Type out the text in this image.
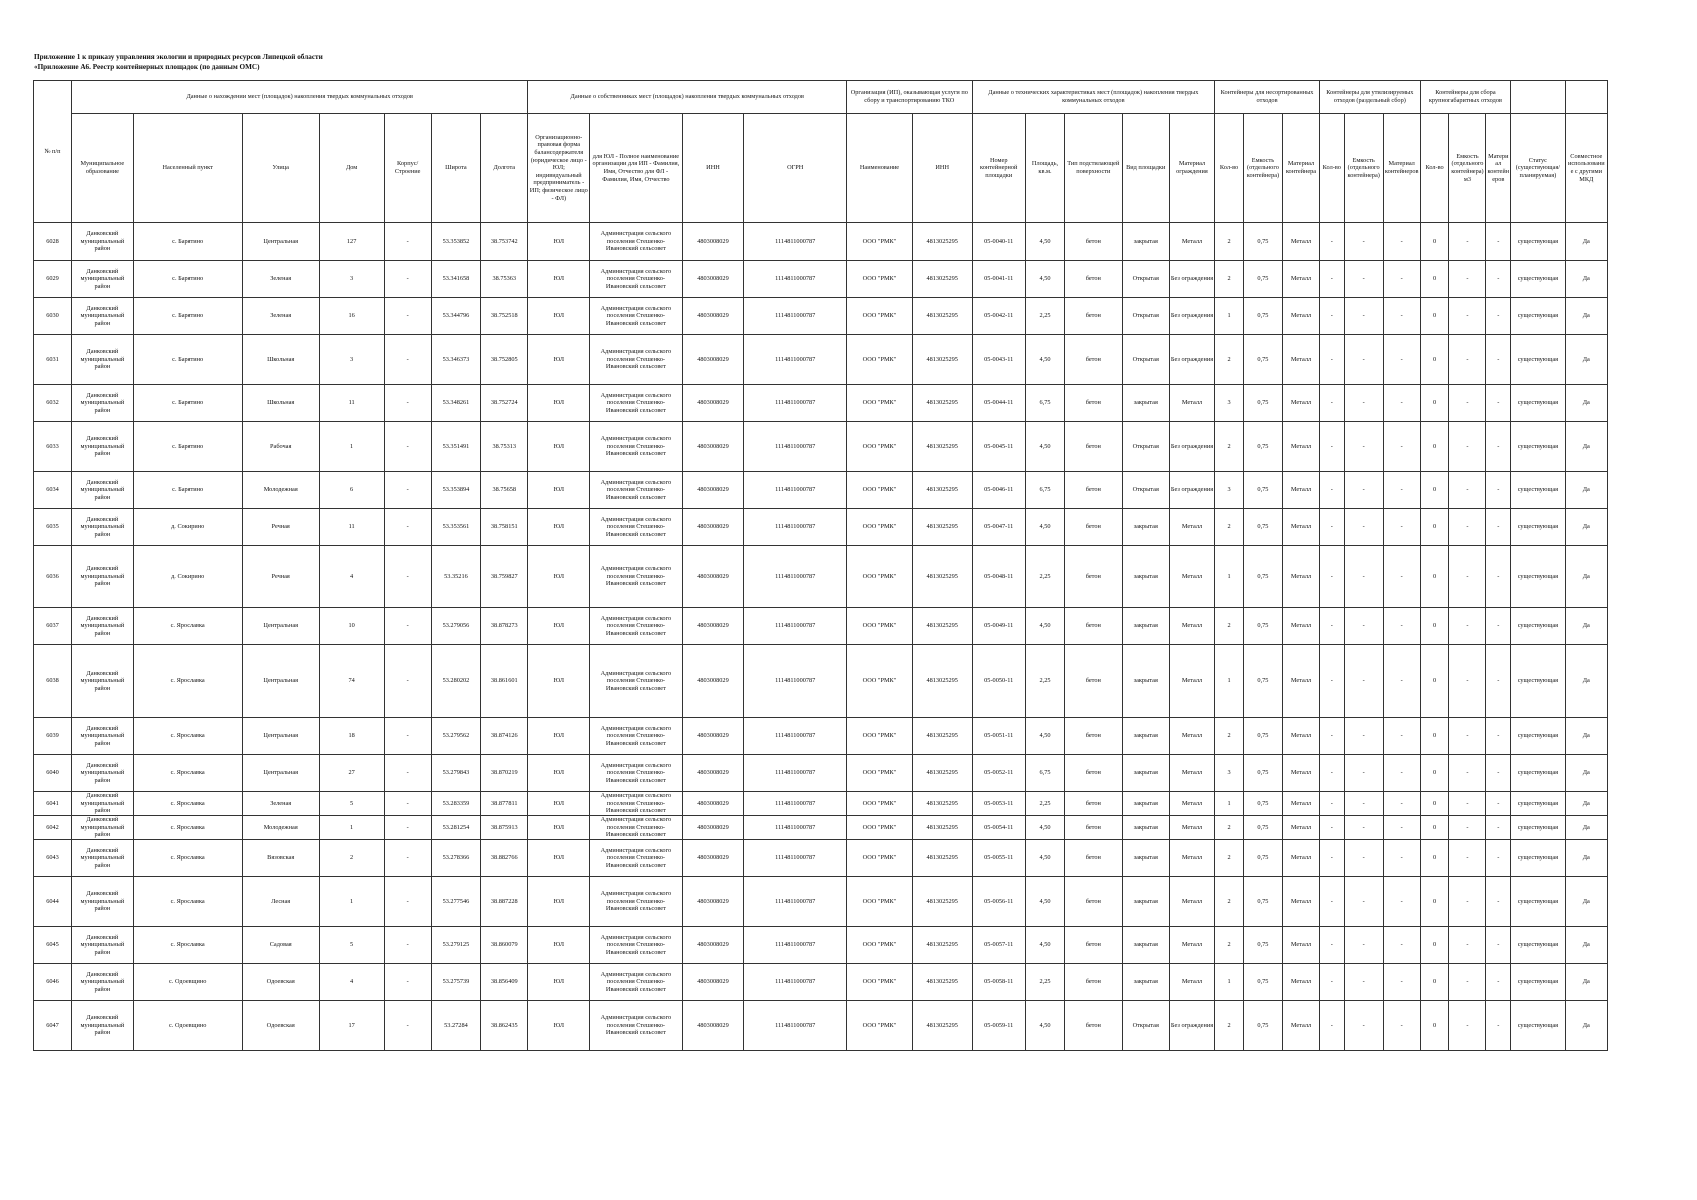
Приложение 1 к приказу управления экологии и природных ресурсов Липецкой области
«Приложение А6. Реестр контейнерных площадок (по данным ОМС)
№ п/п	Данные о нахождении мест (площадок) накопления твердых коммунальных отходов							Данные о собственниках мест (площадок) накопления твердых коммунальных отходов				Организация (ИП), оказывающая услуги по сбору и транспортированию ТКО		Данные о технических характеристиках мест (площадок) накопления твердых коммунальных отходов					Контейнеры для несортированных отходов			Контейнеры для утилизируемых отходов (раздельный сбор)			Контейнеры для сбора крупногабаритных отходов				
	Муниципальное образование	Населенный пункт	Улица	Дом	Корпус/Строение	Широта	Долгота	Организационно-правовая форма балансодержателя (юридическое лицо - ЮЛ; индивидуальный предприниматель - ИП; физическое лицо - ФЛ)	для ЮЛ - Полное наименование организации для ИП - Фамилия, Имя, Отчество для ФЛ - Фамилия, Имя, Отчество	ИНН	ОГРН	Наименование	ИНН	Номер контейнерной площадки	Площадь, кв.м.	Тип подстилающей поверхности	Вид площадки	Материал ограждения	Кол-во	Емкость (отдельного контейнера)	Материал контейнера	Кол-во	Емкость (отдельного контейнера)	Материал контейнеров	Кол-во	Емкость (отдельного контейнера) м3	Материал контейнеров	Статус (существующая/планируемая)	Совместное использование с другими МКД
6028	Данковский муниципальный район	с. Барятино	Центральная	127	-	53.353852	38.753742	ЮЛ	Администрация сельского поселения Стешенко-Ивановский сельсовет	4803008029	1114811000787	ООО "РМК"	4813025295	05-0040-11	4,50	бетон	закрытая	Металл	2	0,75	Металл	-	-	-	0	-	-	существующая	Да
6029	Данковский муниципальный район	с. Барятино	Зеленая	3	-	53.341658	38.75363	ЮЛ	Администрация сельского поселения Стешенко-Ивановский сельсовет	4803008029	1114811000787	ООО "РМК"	4813025295	05-0041-11	4,50	бетон	Открытая	Без ограждения	2	0,75	Металл	-	-	-	0	-	-	существующая	Да
6030	Данковский муниципальный район	с. Барятино	Зеленая	16	-	53.344796	38.752518	ЮЛ	Администрация сельского поселения Стешенко-Ивановский сельсовет	4803008029	1114811000787	ООО "РМК"	4813025295	05-0042-11	2,25	бетон	Открытая	Без ограждения	1	0,75	Металл	-	-	-	0	-	-	существующая	Да
6031	Данковский муниципальный район	с. Барятино	Школьная	3	-	53.346373	38.752805	ЮЛ	Администрация сельского поселения Стешенко-Ивановский сельсовет	4803008029	1114811000787	ООО "РМК"	4813025295	05-0043-11	4,50	бетон	Открытая	Без ограждения	2	0,75	Металл	-	-	-	0	-	-	существующая	Да
6032	Данковский муниципальный район	с. Барятино	Школьная	11	-	53.348261	38.752724	ЮЛ	Администрация сельского поселения Стешенко-Ивановский сельсовет	4803008029	1114811000787	ООО "РМК"	4813025295	05-0044-11	6,75	бетон	закрытая	Металл	3	0,75	Металл	-	-	-	0	-	-	существующая	Да
6033	Данковский муниципальный район	с. Барятино	Рабочая	1	-	53.351491	38.75313	ЮЛ	Администрация сельского поселения Стешенко-Ивановский сельсовет	4803008029	1114811000787	ООО "РМК"	4813025295	05-0045-11	4,50	бетон	Открытая	Без ограждения	2	0,75	Металл	-	-	-	0	-	-	существующая	Да
6034	Данковский муниципальный район	с. Барятино	Молодежная	6	-	53.353894	38.75658	ЮЛ	Администрация сельского поселения Стешенко-Ивановский сельсовет	4803008029	1114811000787	ООО "РМК"	4813025295	05-0046-11	6,75	бетон	Открытая	Без ограждения	3	0,75	Металл	-	-	-	0	-	-	существующая	Да
6035	Данковский муниципальный район	д. Сокирино	Речная	11	-	53.353561	38.758151	ЮЛ	Администрация сельского поселения Стешенко-Ивановский сельсовет	4803008029	1114811000787	ООО "РМК"	4813025295	05-0047-11	4,50	бетон	закрытая	Металл	2	0,75	Металл	-	-	-	0	-	-	существующая	Да
6036	Данковский муниципальный район	д. Сокирино	Речная	4	-	53.35216	38.759827	ЮЛ	Администрация сельского поселения Стешенко-Ивановский сельсовет	4803008029	1114811000787	ООО "РМК"	4813025295	05-0048-11	2,25	бетон	закрытая	Металл	1	0,75	Металл	-	-	-	0	-	-	существующая	Да
6037	Данковский муниципальный район	с. Ярославка	Центральная	10	-	53.279056	38.878273	ЮЛ	Администрация сельского поселения Стешенко-Ивановский сельсовет	4803008029	1114811000787	ООО "РМК"	4813025295	05-0049-11	4,50	бетон	закрытая	Металл	2	0,75	Металл	-	-	-	0	-	-	существующая	Да
6038	Данковский муниципальный район	с. Ярославка	Центральная	74	-	53.280202	38.861601	ЮЛ	Администрация сельского поселения Стешенко-Ивановский сельсовет	4803008029	1114811000787	ООО "РМК"	4813025295	05-0050-11	2,25	бетон	закрытая	Металл	1	0,75	Металл	-	-	-	0	-	-	существующая	Да
6039	Данковский муниципальный район	с. Ярославка	Центральная	18	-	53.279562	38.874126	ЮЛ	Администрация сельского поселения Стешенко-Ивановский сельсовет	4803008029	1114811000787	ООО "РМК"	4813025295	05-0051-11	4,50	бетон	закрытая	Металл	2	0,75	Металл	-	-	-	0	-	-	существующая	Да
6040	Данковский муниципальный район	с. Ярославка	Центральная	27	-	53.279843	38.870219	ЮЛ	Администрация сельского поселения Стешенко-Ивановский сельсовет	4803008029	1114811000787	ООО "РМК"	4813025295	05-0052-11	6,75	бетон	закрытая	Металл	3	0,75	Металл	-	-	-	0	-	-	существующая	Да
6041	Данковский муниципальный район	с. Ярославка	Зеленая	5	-	53.283359	38.877811	ЮЛ	Администрация сельского поселения Стешенко-Ивановский сельсовет	4803008029	1114811000787	ООО "РМК"	4813025295	05-0053-11	2,25	бетон	закрытая	Металл	1	0,75	Металл	-	-	-	0	-	-	существующая	Да
6042	Данковский муниципальный район	с. Ярославка	Молодежная	1	-	53.281254	38.875913	ЮЛ	Администрация сельского поселения Стешенко-Ивановский сельсовет	4803008029	1114811000787	ООО "РМК"	4813025295	05-0054-11	4,50	бетон	закрытая	Металл	2	0,75	Металл	-	-	-	0	-	-	существующая	Да
6043	Данковский муниципальный район	с. Ярославка	Вязовская	2	-	53.278366	38.882766	ЮЛ	Администрация сельского поселения Стешенко-Ивановский сельсовет	4803008029	1114811000787	ООО "РМК"	4813025295	05-0055-11	4,50	бетон	закрытая	Металл	2	0,75	Металл	-	-	-	0	-	-	существующая	Да
6044	Данковский муниципальный район	с. Ярославка	Лесная	1	-	53.277546	38.887228	ЮЛ	Администрация сельского поселения Стешенко-Ивановский сельсовет	4803008029	1114811000787	ООО "РМК"	4813025295	05-0056-11	4,50	бетон	закрытая	Металл	2	0,75	Металл	-	-	-	0	-	-	существующая	Да
6045	Данковский муниципальный район	с. Ярославка	Садовая	5	-	53.279125	38.860079	ЮЛ	Администрация сельского поселения Стешенко-Ивановский сельсовет	4803008029	1114811000787	ООО "РМК"	4813025295	05-0057-11	4,50	бетон	закрытая	Металл	2	0,75	Металл	-	-	-	0	-	-	существующая	Да
6046	Данковский муниципальный район	с. Одоевщино	Одоевская	4	-	53.275739	38.856409	ЮЛ	Администрация сельского поселения Стешенко-Ивановский сельсовет	4803008029	1114811000787	ООО "РМК"	4813025295	05-0058-11	2,25	бетон	закрытая	Металл	1	0,75	Металл	-	-	-	0	-	-	существующая	Да
6047	Данковский муниципальный район	с. Одоевщино	Одоевская	17	-	53.27284	38.862435	ЮЛ	Администрация сельского поселения Стешенко-Ивановский сельсовет	4803008029	1114811000787	ООО "РМК"	4813025295	05-0059-11	4,50	бетон	Открытая	Без ограждения	2	0,75	Металл	-	-	-	0	-	-	существующая	Да
